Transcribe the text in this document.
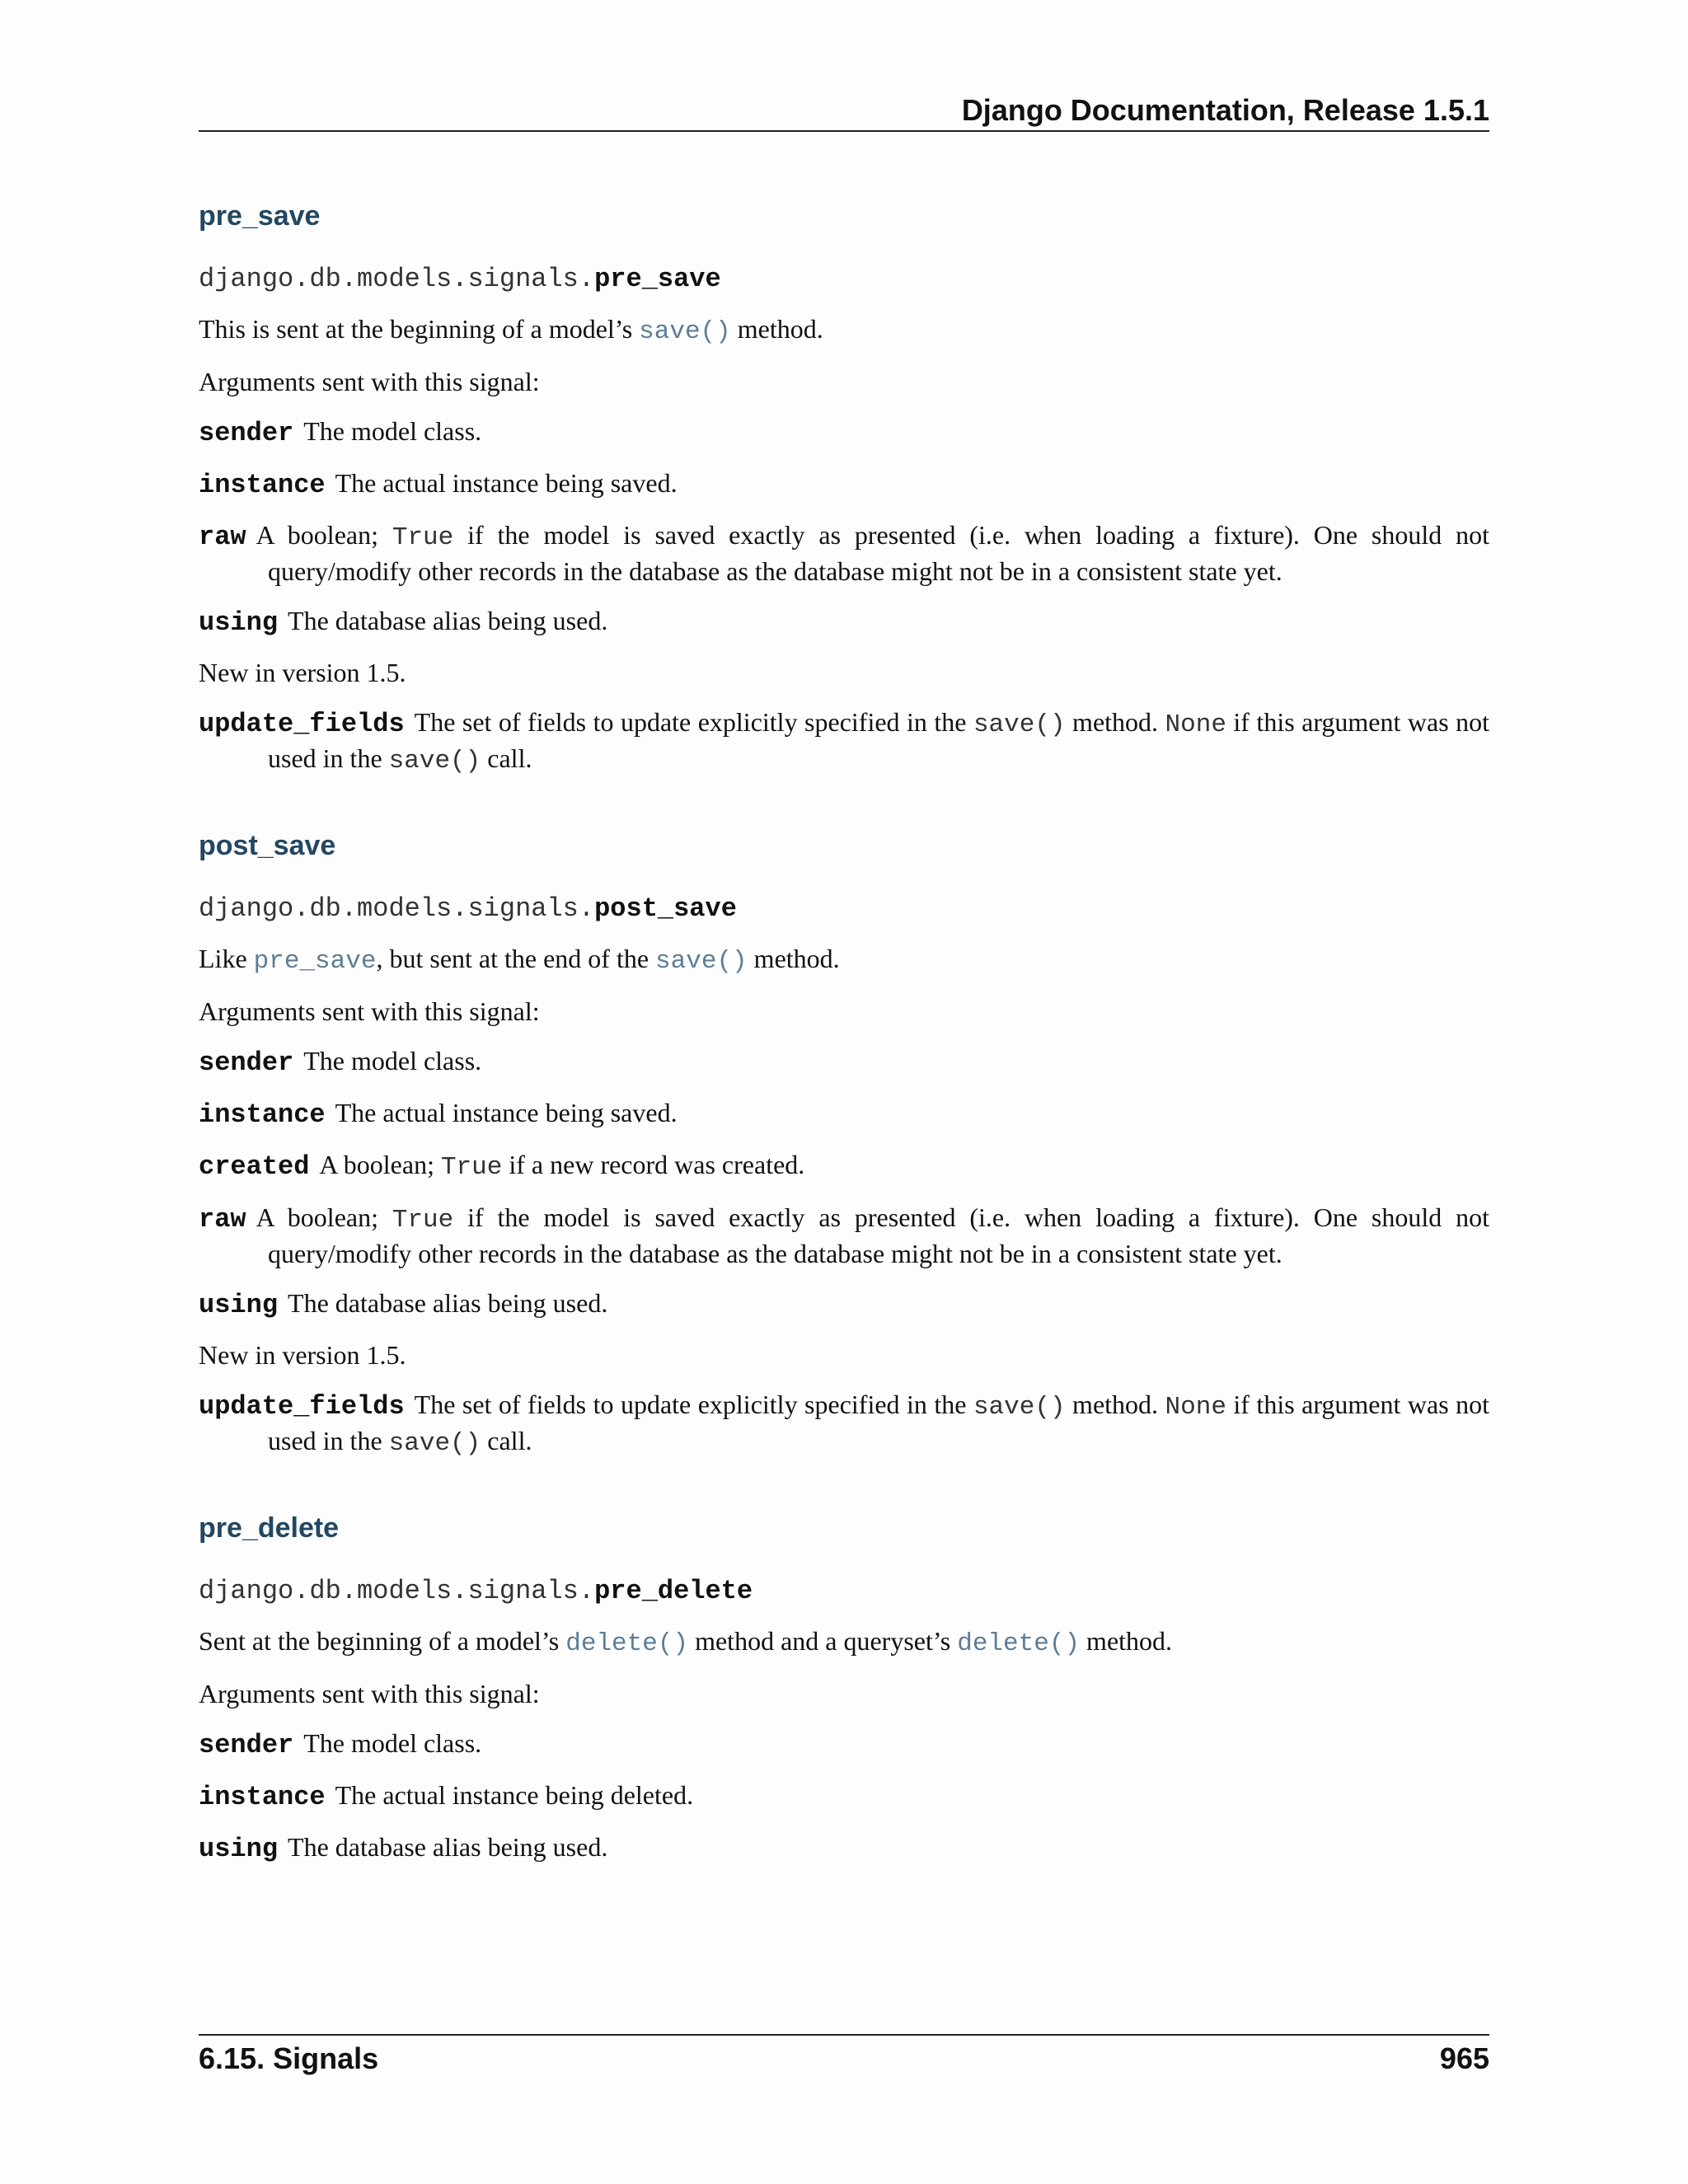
Django Documentation, Release 1.5.1
pre_save
django.db.models.signals.pre_save

This is sent at the beginning of a model’s save() method.

Arguments sent with this signal:

sender The model class.
instance The actual instance being saved.
raw A boolean; True if the model is saved exactly as presented (i.e. when loading a fixture). One should not query/modify other records in the database as the database might not be in a consistent state yet.
using The database alias being used.

New in version 1.5.

update_fields The set of fields to update explicitly specified in the save() method. None if this argument was not used in the save() call.
post_save
django.db.models.signals.post_save

Like pre_save, but sent at the end of the save() method.

Arguments sent with this signal:

sender The model class.
instance The actual instance being saved.
created A boolean; True if a new record was created.
raw A boolean; True if the model is saved exactly as presented (i.e. when loading a fixture). One should not query/modify other records in the database as the database might not be in a consistent state yet.
using The database alias being used.

New in version 1.5.

update_fields The set of fields to update explicitly specified in the save() method. None if this argument was not used in the save() call.
pre_delete
django.db.models.signals.pre_delete

Sent at the beginning of a model’s delete() method and a queryset’s delete() method.

Arguments sent with this signal:

sender The model class.
instance The actual instance being deleted.
using The database alias being used.
6.15. Signals	965
